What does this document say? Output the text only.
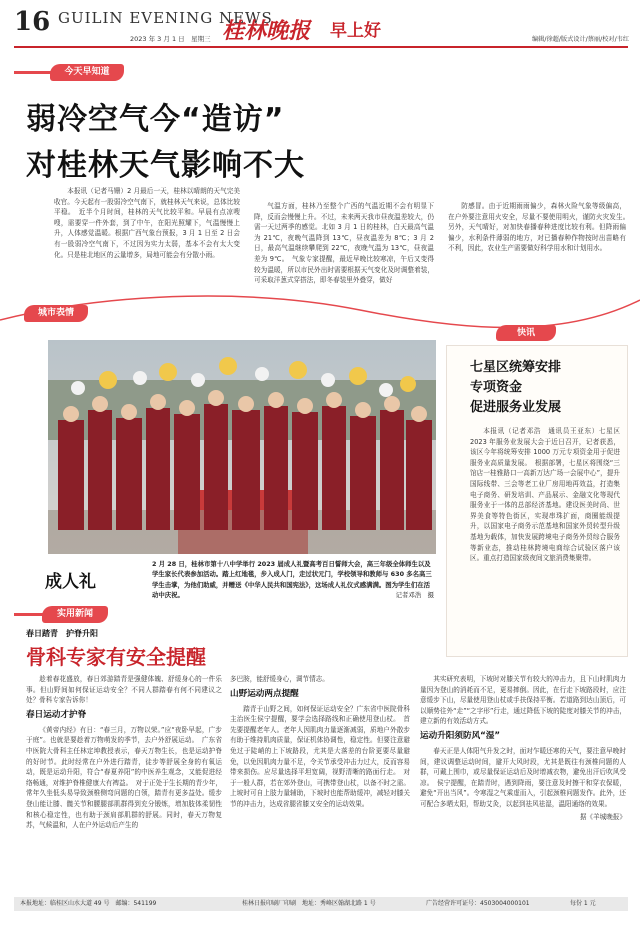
16 GUILIN EVENING NEWS
2023 年 3 月 1 日　星期三 桂林晚报 早上好	编辑/徐超/版式设计/蔡丽/校对/韦红
今天早知道
弱冷空气今“造访”
对桂林天气影响不大
本报讯（记者马姗）2 月最后一天，桂林以晴朗的天气完美收官。今天起有一股弱冷空气南下，就桂林天气来说，总体比较平稳。　近半个月时间，桂林的天气比较平和。早晨有点凉嗖嗖，需要穿一件外套，到了中午，在阳光照耀下，气温慢慢上升，人体感觉温暖。根据广西气象台预报，3 月 1 日至 2 日会有一股弱冷空气南下，不过因为实力太弱，基本不会有太大变化。只是桂北地区的云量增多，局地可能会有分散小雨。
气温方面，桂林乃至整个广西的气温近期不会有明显下降，反而会慢慢上升。不过，未来两天我市昼夜温差较大，仍需一天过两季的感觉。北如 3 月 1 日的桂林，白天最高气温为 21℃，夜晚气温降到 13℃，昼夜温差为 8℃；3 月 2 日，最高气温继续攀爬到 22℃，夜晚气温为 13℃，昼夜温差为 9℃。　气象专家提醒，最近早晚比较寒凉，午后又变得较为温暖，所以市民外出时需要根据天气变化及时调整着装，可采取洋葱式穿搭法，即冬春装里外叠穿，做好
防感冒。由于近期雨雨偏少，森林火险气象等级偏高，在户外要注意用火安全，尽量不要使用明火，谨防火灾发生。　另外，天气晴好，对加快春播春种进度比较有利。但降雨偏偏少，水利条件薄弱的地方，对已播春种作物按时出苗略有不利，因此，农业生产需要做好科学用水和计划用水。
城市表情
成人礼
2 月 28 日，桂林市第十八中学举行 2023 届成人礼暨高考百日誓师大会，高三年级全体师生以及学生家长代表参加活动。踏上红地毯，步入成人门，走过状元门，学校领导和教师与 630 多名高三学生击掌，为他们助威，并赠送《中华人民共和国宪法》，这场成人礼仪式感满满。图为学生们在活动中庆祝。	记者邓浩　摄
快讯
七星区统筹安排
专项资金
促进服务业发展
本报讯（记者邓浩　通讯员王亚东）七星区 2023 年服务业发展大会于近日召开，记者获悉，该区今年将统筹安排 1000 万元专项资金用于促进服务业高质量发展。　根据部署，七星区将围绕“三馆店一桂雅路口一高新万达广场一会展中心”，提升国际线带、三会等老工业厂房用地再效益，打造集电子商务、研发培训、产品展示、金融文化等现代服务业于一体的总部经济基地。建设医美时尚、世界美食等特色街区，实现串珠扩面，商圈能级提升，以国家电子商务示范基地和国家外贸转型升级基地为载体，加快发展跨境电子商务外贸综合服务等新业态，推动桂林跨境电商综合试验区落户该区。重点打造国家级夜间文旅消费集聚带。
实用新闻
春日踏青　护脊升阳
骨科专家有安全提醒

趁着春花盛放，春日郊游踏青是强健体魄、舒缓身心的一件乐事。但山野间如何保证运动安全？不同人群踏春有何不同建议之处？骨科专家告诉你！

春日运动才护脊

《黄帝内经》有日：“春三月，万物以荣。”应“夜卧早起，广步于庭”。也就是要趁着万物萌发的季节，去户外舒展运动。　广东省中医院大骨科主任林定坤教授表示，春天万物生长，也是运动护脊的好时节。此时经常在户外进行踏青，徒步等舒展全身的有氧运动，既是运动升阳，符合“春夏养阳”的中医养生观念，又能促进经络畅通，对维护脊椎健康大有裨益。　对于正处于生长期的青少年，常年久坐低头易导致颈椎侧弯问题的白领，踏青有更多益处。缓步登山能让膝、髋关节和腰腿部肌群得到充分锻炼，增加肢体柔韧性和核心稳定性，也有助于颈肩部肌群的舒展。同时，春天万物复苏，气候温和，人在户外运动后产生的

多巴胺，能舒缓身心，调节情志。

山野运动两点提醒

踏青于山野之间，如何保证运动安全？广东省中医院骨科主治医生侯宁提醒，要学会选择路线和正确使用登山杖。　首先要提醒老年人。老年人因肌肉力量逐渐减弱，质地户外散步有助于维持肌肉质量，保证机体协调性，稳定性。但要注意避免过于陡峭的上下坡路段，尤其是大落差的台阶更要尽量避免，以免因肌肉力量不足，令关节承受冲击力过大，反而容易带来损伤。应尽量选择平坦宽阔，视野清晰的路面行走。　对于一般人群，若在郊外登山，可携带登山杖，以备不时之需。上坡时可自上肢力量辅助，下坡时也能帮助缓冲，减轻对膝关节的冲击力，达成省腿省膝又安全的运动效果。

其实研究表明，下坡时对膝关节有较大的冲击力，且下山时肌肉力量因为登山的消耗而不足，更易摔倒。因此，在行走下坡路段时，应注意缓步下山，尽量使用登山杖或手扶保持平衡。若道路到达山顶后，可以顺势往外“走”“之字形”行走，通过降低下坡的陡度对膝关节的冲击，建立新的有效活动方式。

运动升阳须防风“湿”

春天正是人体阳气升发之时，面对乍暖还寒的天气，要注意早晚时间，建议调整运动时间，避开大风时段，尤其是既往有颈椎问题的人群，可戴上围巾，或尽量保证运动后及时增减衣物，避免出汗后吹风受凉。　侯宁提醒，在踏青时，遇到降雨，要注意及时擦干和穿衣保暖，避免“开出当风”。令寒湿之气乘虚而入，引起颈椎问题发作。此外，还可配合多晒太阳，帮助艾灸，以起到祛风祛湿，温阳通络的效果。

据《羊城晚报》

本报地址：临桂区山水大道 49 号　邮编：541199	桂林日报印刷厂印刷　地址：秀峰区翰湖北路 1 号	广告经营许可证号：4503004000101	每份 1 元
